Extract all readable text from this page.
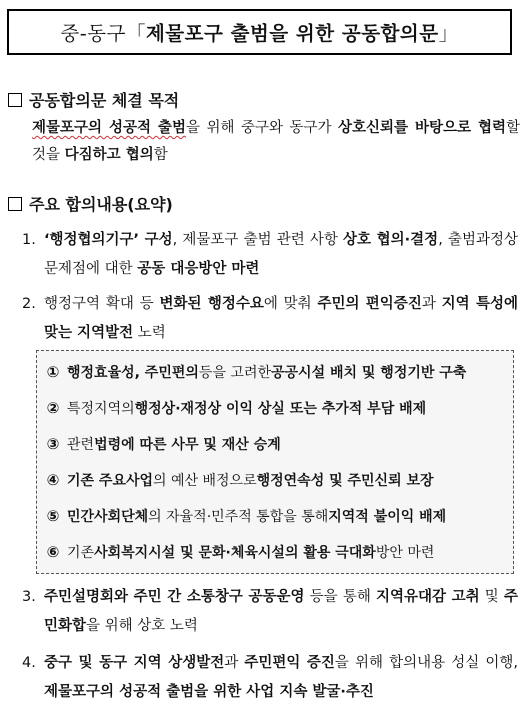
중-동구「 제물포구 출범을 위한 공동합의문 」
공동합의문 체결 목적
제물포구의 성공적 출범을 위해 중구와 동구가 상호신뢰를 바탕으로 협력할 것을 다짐하고 협의함
주요 합의내용(요약)
1. ‘행정협의기구’ 구성, 제물포구 출범 관련 사항 상호 협의·결정, 출범과정상 문제점에 대한 공동 대응방안 마련
2. 행정구역 확대 등 변화된 행정수요에 맞춰 주민의 편익증진과 지역 특성에 맞는 지역발전 노력
① 행정효율성, 주민편의 등을 고려한 공공시설 배치 및 행정기반 구축
② 특정지역의 행정상·재정상 이익 상실 또는 추가적 부담 배제
③ 관련 법령에 따른 사무 및 재산 승계
④ 기존 주요사업 의 예산 배정으로 행정연속성 및 주민신뢰 보장
⑤ 민간사회단체 의 자율적·민주적 통합을 통해 지역적 불이익 배제
⑥ 기존 사회복지시설 및 문화·체육시설의 활용 극대화 방안 마련
3. 주민설명회와 주민 간 소통창구 공동운영 등을 통해 지역유대감 고취 및 주민화합을 위해 상호 노력
4. 중구 및 동구 지역 상생발전과 주민편익 증진을 위해 합의내용 성실 이행, 제물포구의 성공적 출범을 위한 사업 지속 발굴·추진
